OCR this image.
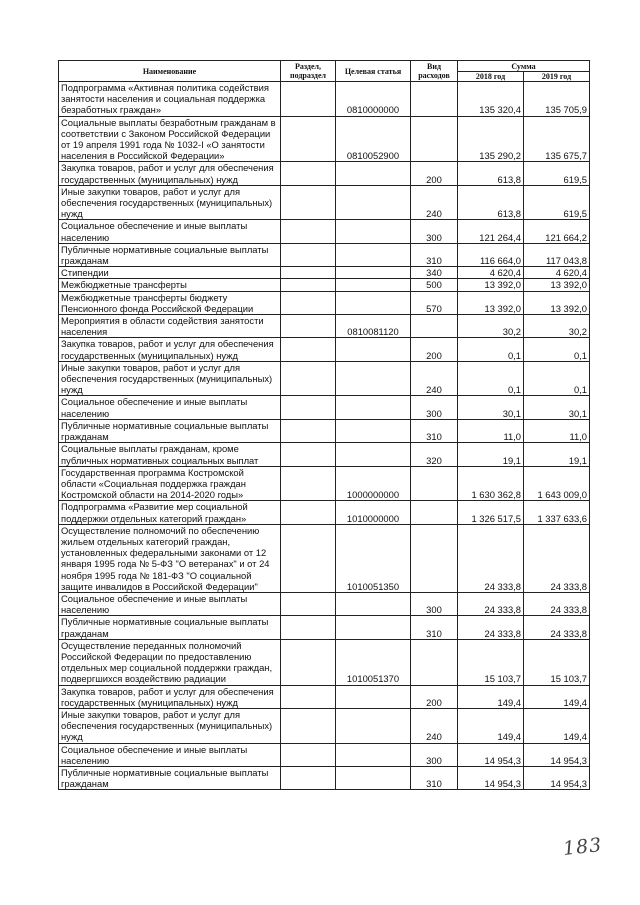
Наименование	Раздел, подраздел	Целевая статья	Вид расходов	Сумма	
				2018 год	2019 год
Подпрограмма «Активная политика содействия занятости населения и социальная поддержка безработных граждан»		0810000000		135 320,4	135 705,9
Социальные выплаты безработным гражданам в соответствии с Законом Российской Федерации от 19 апреля 1991 года № 1032-I «О занятости населения в Российской Федерации»		0810052900		135 290,2	135 675,7
Закупка товаров, работ и услуг для обеспечения государственных (муниципальных) нужд			200	613,8	619,5
Иные закупки товаров, работ и услуг для обеспечения государственных (муниципальных) нужд			240	613,8	619,5
Социальное обеспечение и иные выплаты населению			300	121 264,4	121 664,2
Публичные нормативные социальные выплаты гражданам			310	116 664,0	117 043,8
Стипендии			340	4 620,4	4 620,4
Межбюджетные трансферты			500	13 392,0	13 392,0
Межбюджетные трансферты бюджету Пенсионного фонда Российской Федерации			570	13 392,0	13 392,0
Мероприятия в области содействия занятости населения		0810081120		30,2	30,2
Закупка товаров, работ и услуг для обеспечения государственных (муниципальных) нужд			200	0,1	0,1
Иные закупки товаров, работ и услуг для обеспечения государственных (муниципальных) нужд			240	0,1	0,1
Социальное обеспечение и иные выплаты населению			300	30,1	30,1
Публичные нормативные социальные выплаты гражданам			310	11,0	11,0
Социальные выплаты гражданам, кроме публичных нормативных социальных выплат			320	19,1	19,1
Государственная программа Костромской области «Социальная поддержка граждан Костромской области на 2014-2020 годы»		1000000000		1 630 362,8	1 643 009,0
Подпрограмма «Развитие мер социальной поддержки отдельных категорий граждан»		1010000000		1 326 517,5	1 337 633,6
Осуществление полномочий по обеспечению жильем отдельных категорий граждан, установленных федеральными законами от 12 января 1995 года № 5-ФЗ "О ветеранах" и от 24 ноября 1995 года № 181-ФЗ "О социальной защите инвалидов в Российской Федерации"		1010051350		24 333,8	24 333,8
Социальное обеспечение и иные выплаты населению			300	24 333,8	24 333,8
Публичные нормативные социальные выплаты гражданам			310	24 333,8	24 333,8
Осуществление переданных полномочий Российской Федерации по предоставлению отдельных мер социальной поддержки граждан, подвергшихся воздействию радиации		1010051370		15 103,7	15 103,7
Закупка товаров, работ и услуг для обеспечения государственных (муниципальных) нужд			200	149,4	149,4
Иные закупки товаров, работ и услуг для обеспечения государственных (муниципальных) нужд			240	149,4	149,4
Социальное обеспечение и иные выплаты населению			300	14 954,3	14 954,3
Публичные нормативные социальные выплаты гражданам			310	14 954,3	14 954,3
183
